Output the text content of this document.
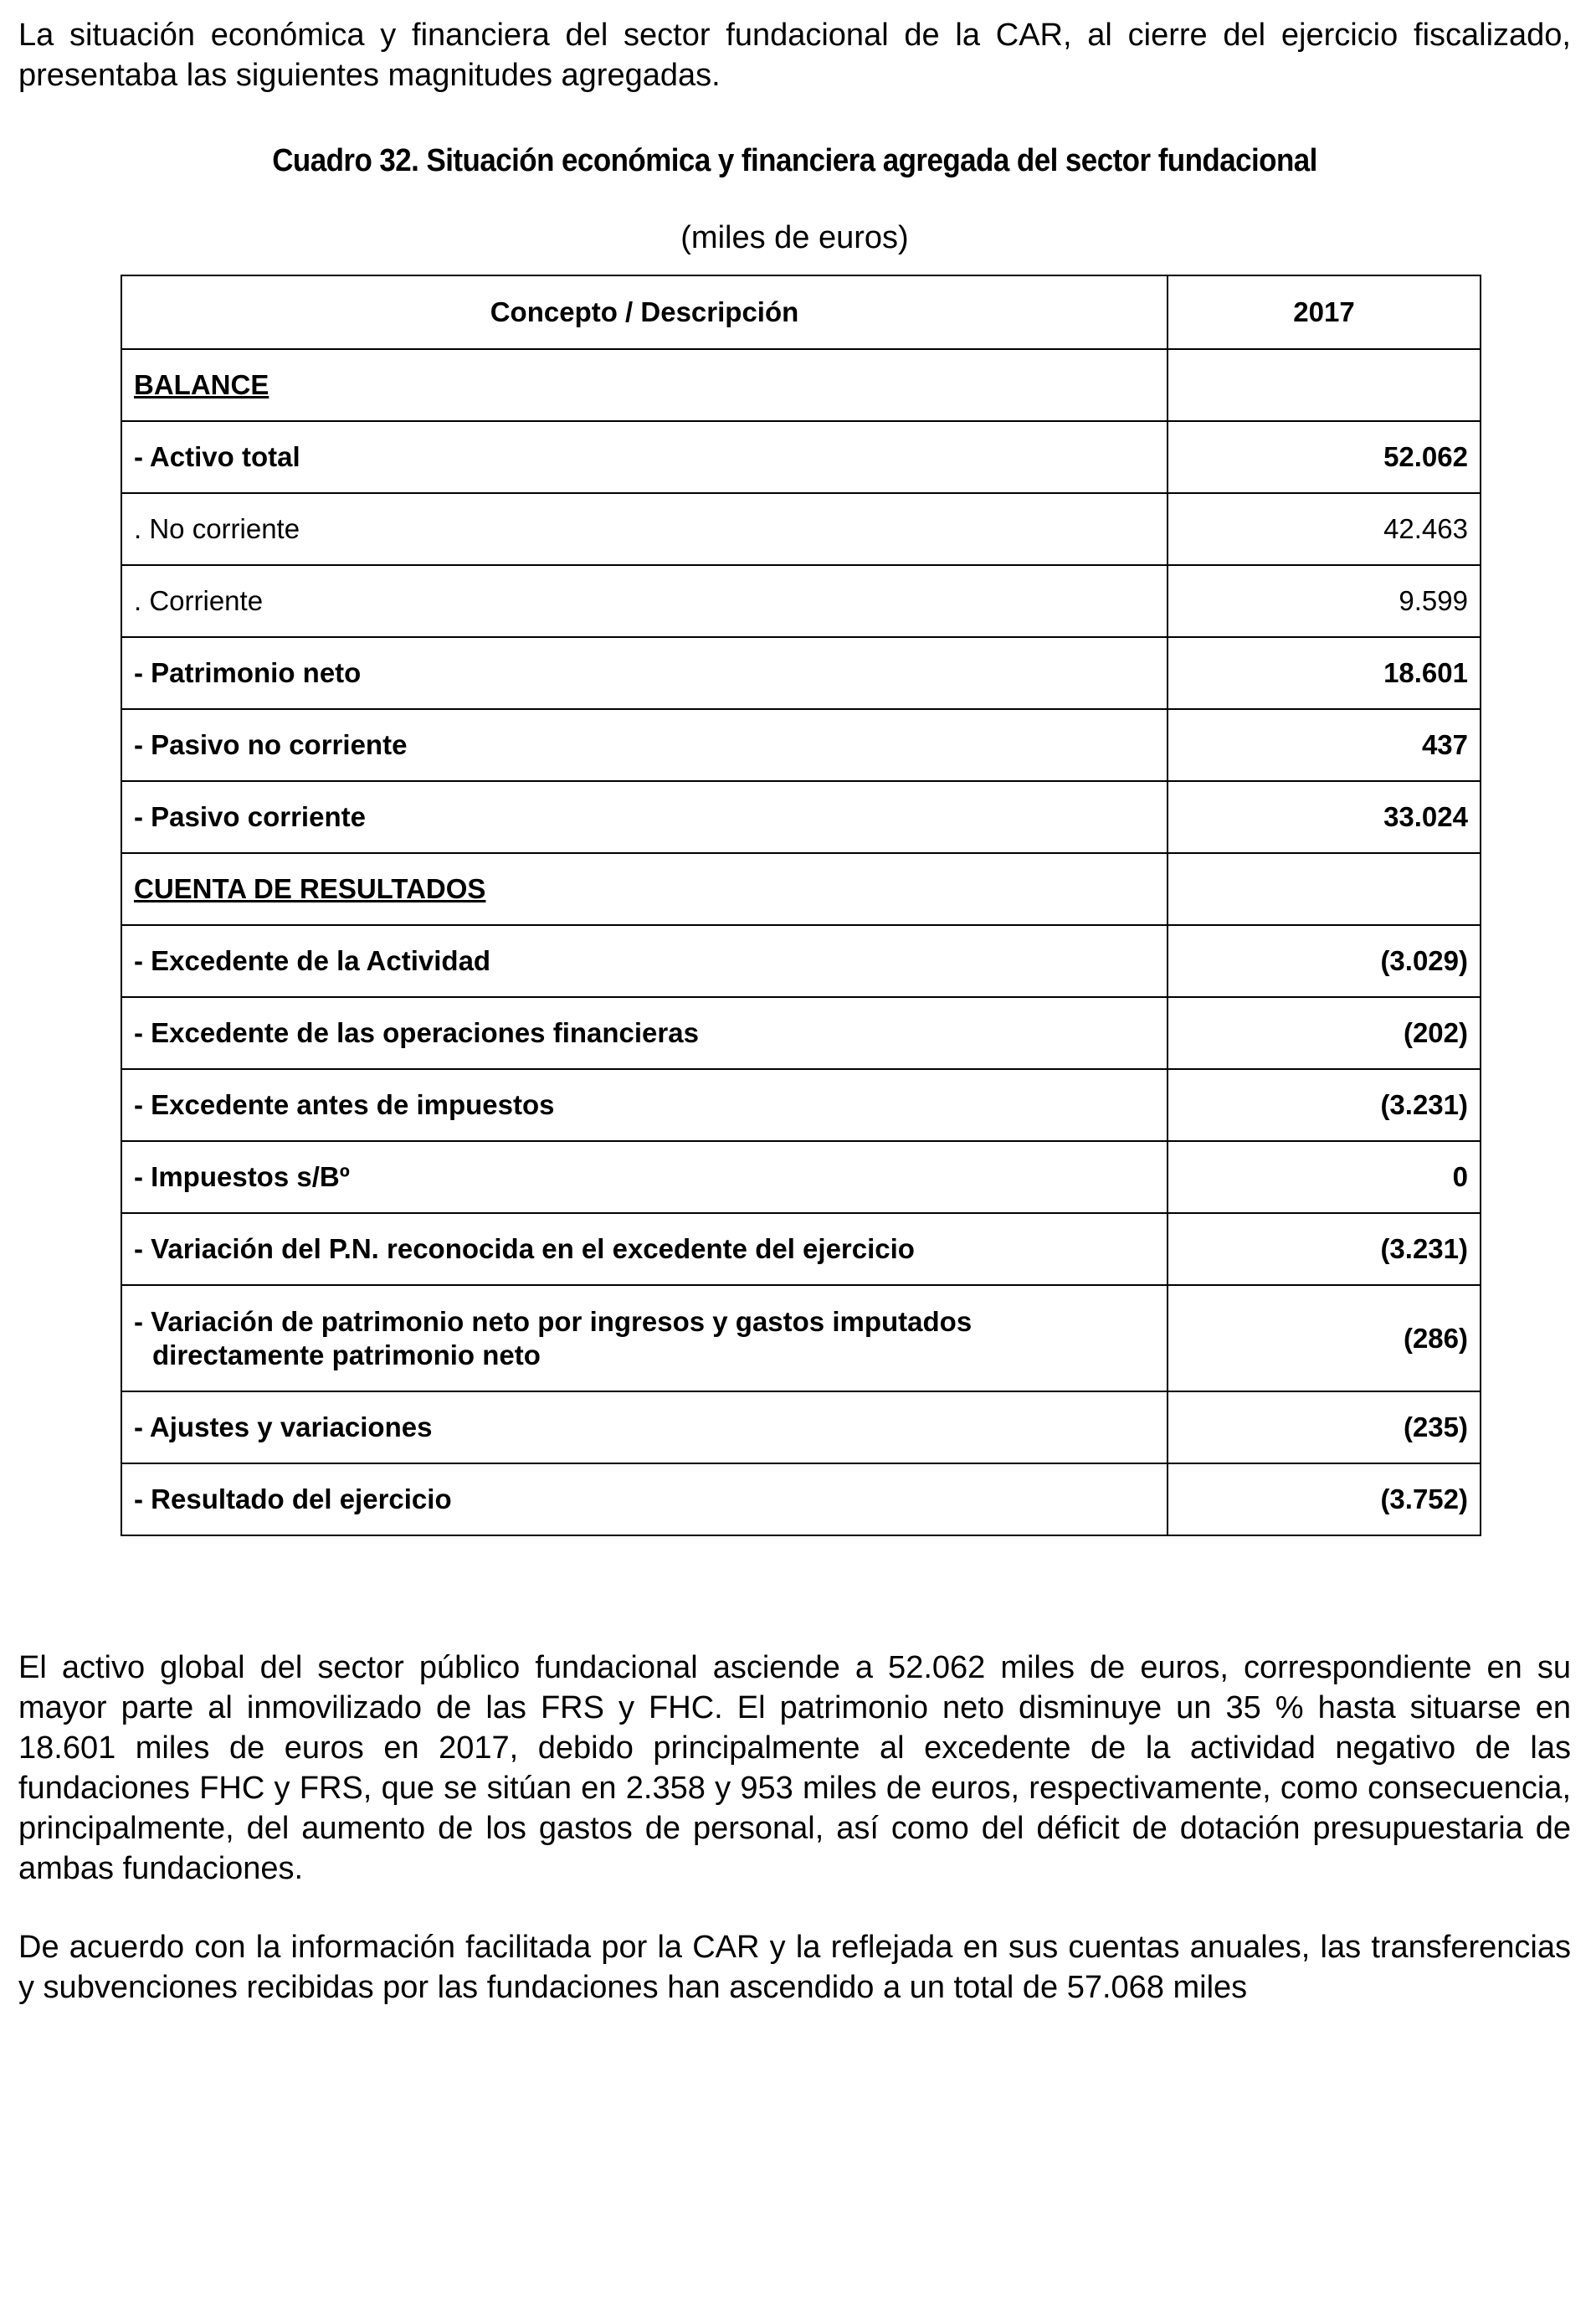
La situación económica y financiera del sector fundacional de la CAR, al cierre del ejercicio fiscalizado, presentaba las siguientes magnitudes agregadas.

Cuadro 32. Situación económica y financiera agregada del sector fundacional
(miles de euros)
Concepto / Descripción	2017
BALANCE	
- Activo total	52.062
. No corriente	42.463
. Corriente	9.599
- Patrimonio neto	18.601
- Pasivo no corriente	437
- Pasivo corriente	33.024
CUENTA DE RESULTADOS	
- Excedente de la Actividad	(3.029)
- Excedente de las operaciones financieras	(202)
- Excedente antes de impuestos	(3.231)
- Impuestos s/Bº	0
- Variación del P.N. reconocida en el excedente del ejercicio	(3.231)
- Variación de patrimonio neto por ingresos y gastos imputados
directamente patrimonio neto	(286)
- Ajustes y variaciones	(235)
- Resultado del ejercicio	(3.752)

El activo global del sector público fundacional asciende a 52.062 miles de euros, correspondiente en su mayor parte al inmovilizado de las FRS y FHC. El patrimonio neto disminuye un 35 % hasta situarse en 18.601 miles de euros en 2017, debido principalmente al excedente de la actividad negativo de las fundaciones FHC y FRS, que se sitúan en 2.358 y 953 miles de euros, respectivamente, como consecuencia, principalmente, del aumento de los gastos de personal, así como del déficit de dotación presupuestaria de ambas fundaciones.

De acuerdo con la información facilitada por la CAR y la reflejada en sus cuentas anuales, las transferencias y subvenciones recibidas por las fundaciones han ascendido a un total de 57.068 miles
